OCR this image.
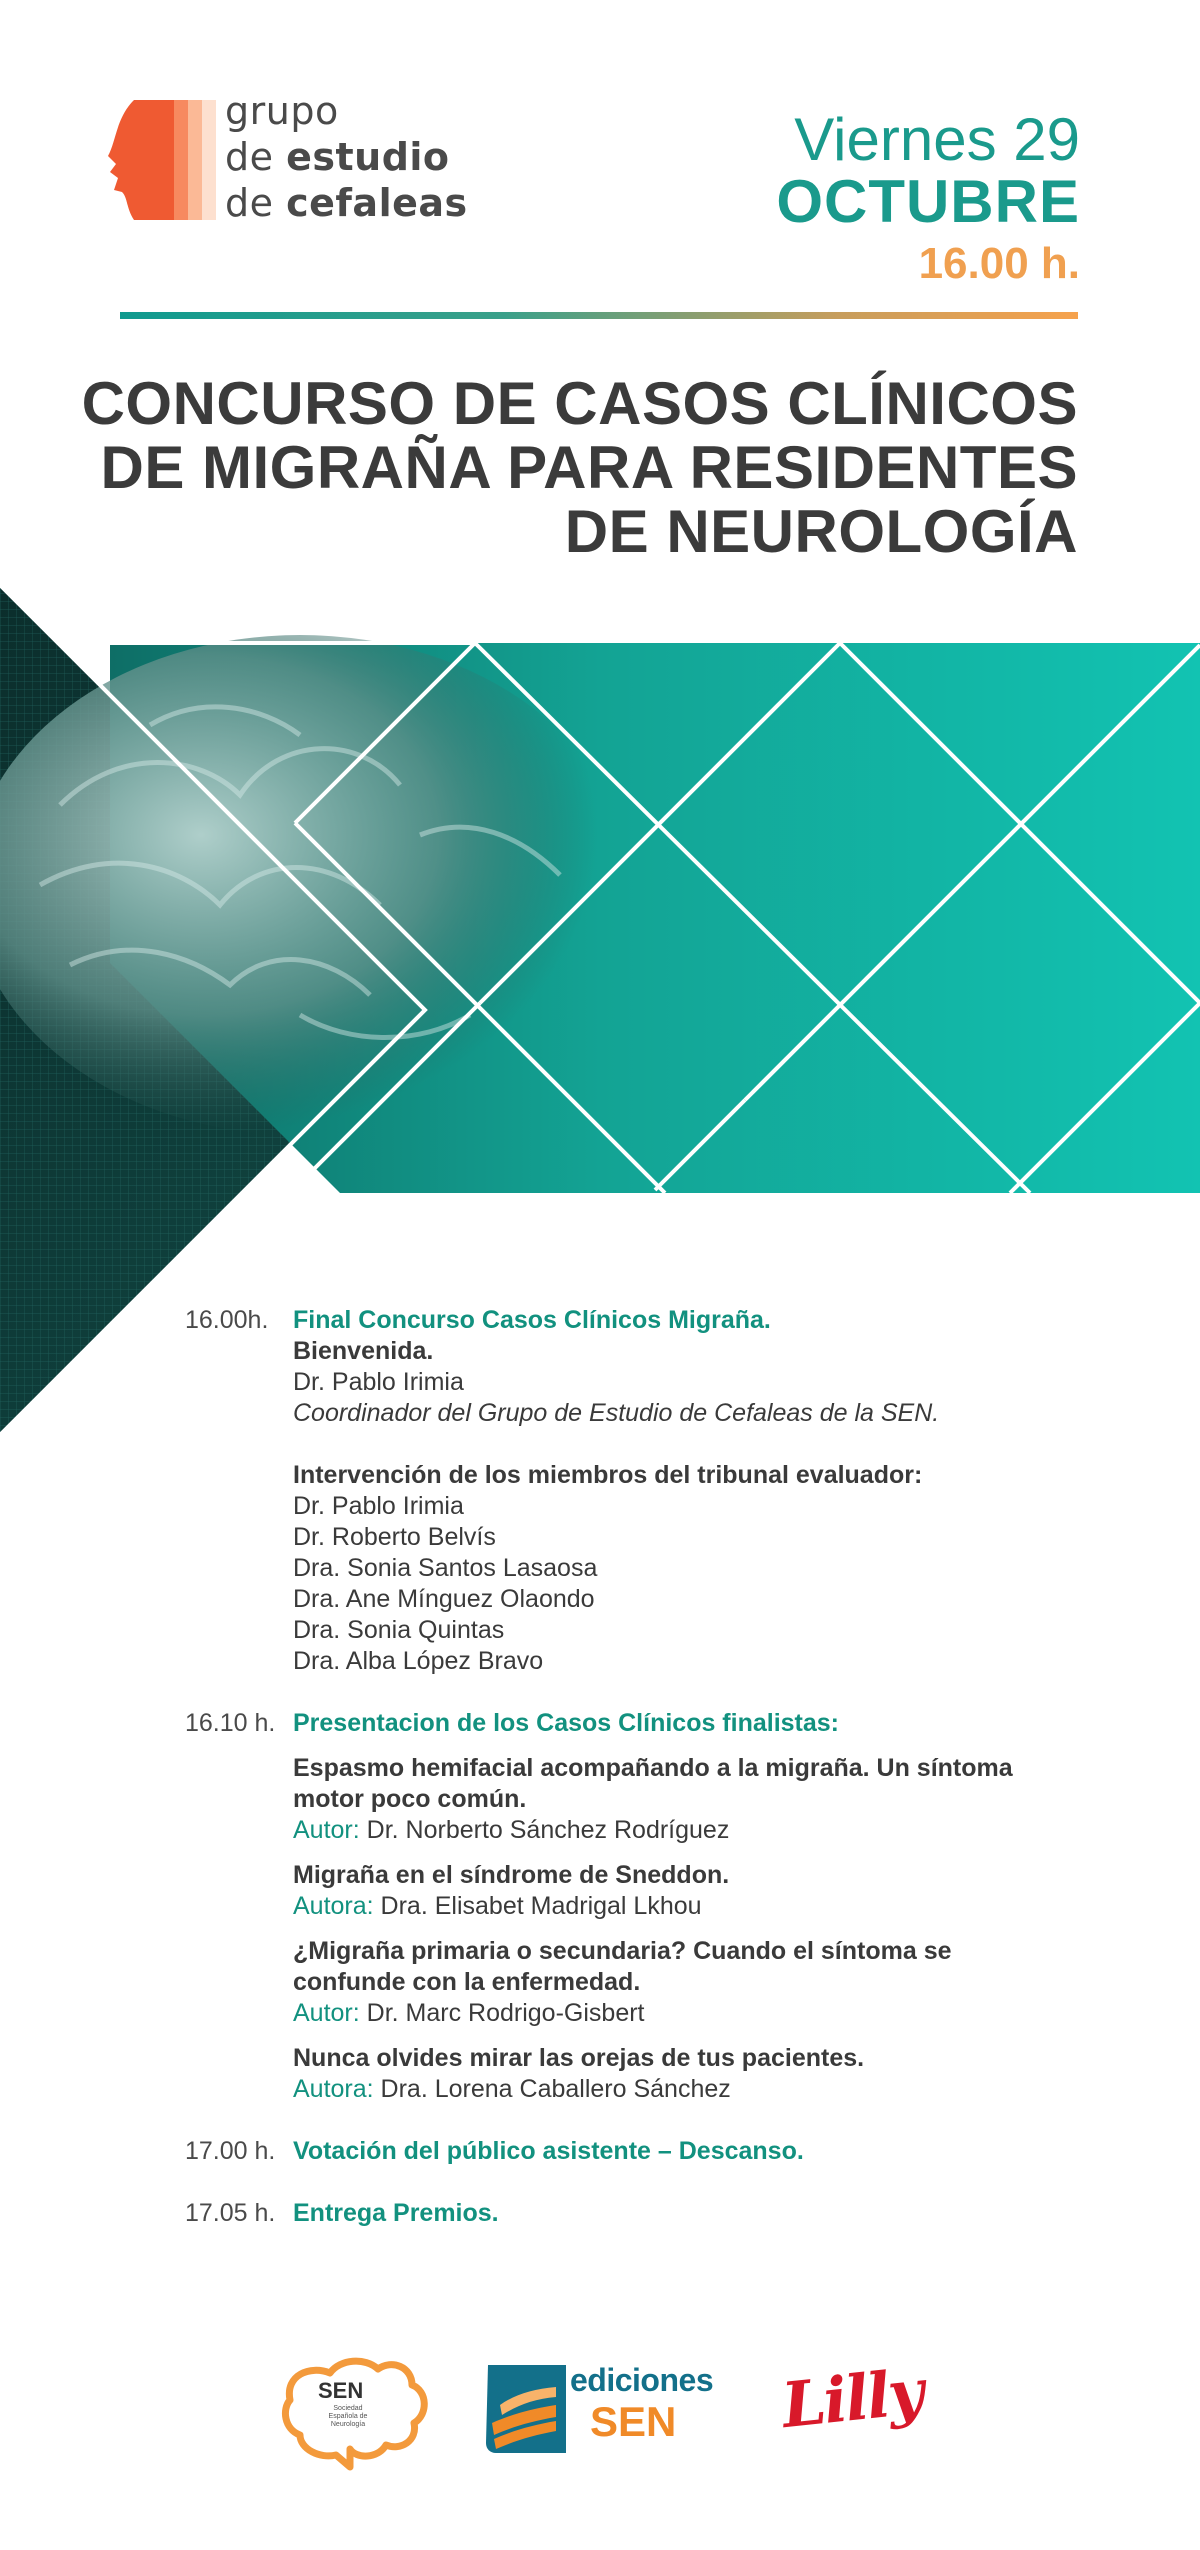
grupo
de estudio
de cefaleas
Viernes 29
OCTUBRE
16.00 h.
CONCURSO DE CASOS CLÍNICOS
DE MIGRAÑA PARA RESIDENTES
DE NEUROLOGÍA
16.00h. Final Concurso Casos Clínicos Migraña.
Bienvenida.
Dr. Pablo Irimia
Coordinador del Grupo de Estudio de Cefaleas de la SEN.
Intervención de los miembros del tribunal evaluador:
Dr. Pablo Irimia
Dr. Roberto Belvís
Dra. Sonia Santos Lasaosa
Dra. Ane Mínguez Olaondo
Dra. Sonia Quintas
Dra. Alba López Bravo
16.10 h. Presentacion de los Casos Clínicos finalistas:
Espasmo hemifacial acompañando a la migraña. Un síntoma
motor poco común.
Autor: Dr. Norberto Sánchez Rodríguez
Migraña en el síndrome de Sneddon.
Autora: Dra. Elisabet Madrigal Lkhou
¿Migraña primaria o secundaria? Cuando el síntoma se
confunde con la enfermedad.
Autor: Dr. Marc Rodrigo-Gisbert
Nunca olvides mirar las orejas de tus pacientes.
Autora: Dra. Lorena Caballero Sánchez
17.00 h. Votación del público asistente – Descanso.
17.05 h. Entrega Premios.
SEN
Sociedad Española de Neurología
ediciones
SEN Lilly
